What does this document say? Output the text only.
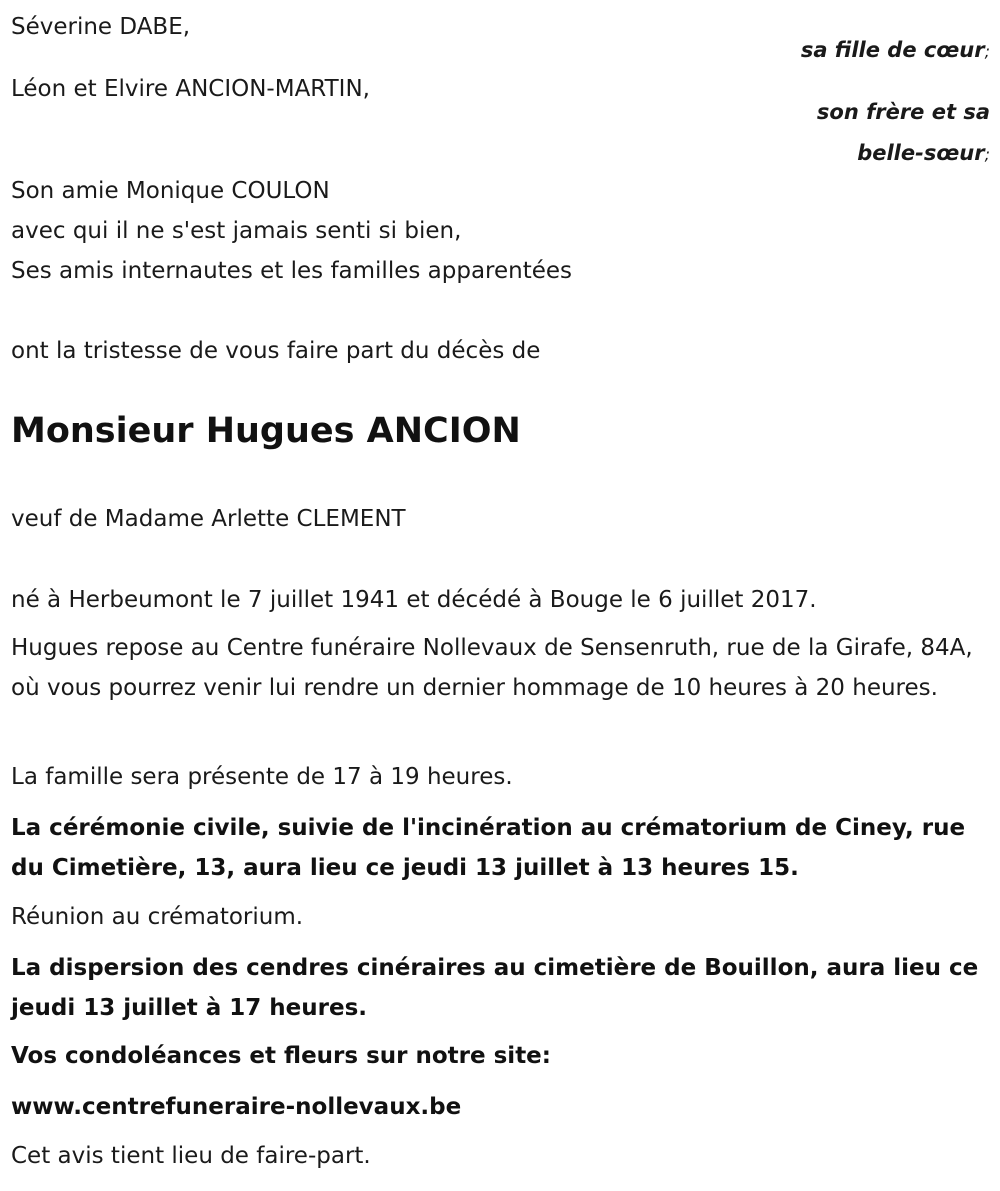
Séverine DABE,
sa fille de cœur;
Léon et Elvire ANCION-MARTIN,
son frère et sa
belle-sœur;
Son amie Monique COULON
avec qui il ne s'est jamais senti si bien,
Ses amis internautes et les familles apparentées
ont la tristesse de vous faire part du décès de
Monsieur Hugues ANCION
veuf de Madame Arlette CLEMENT
né à Herbeumont le 7 juillet 1941 et décédé à Bouge le 6 juillet 2017.
Hugues repose au Centre funéraire Nollevaux de Sensenruth, rue de la Girafe, 84A, où vous pourrez venir lui rendre un dernier hommage de 10 heures à 20 heures.
La famille sera présente de 17 à 19 heures.
La cérémonie civile, suivie de l'incinération au crématorium de Ciney, rue du Cimetière, 13, aura lieu ce jeudi 13 juillet à 13 heures 15.
Réunion au crématorium.
La dispersion des cendres cinéraires au cimetière de Bouillon, aura lieu ce jeudi 13 juillet à 17 heures.
Vos condoléances et fleurs sur notre site:
www.centrefuneraire-nollevaux.be
Cet avis tient lieu de faire-part.
